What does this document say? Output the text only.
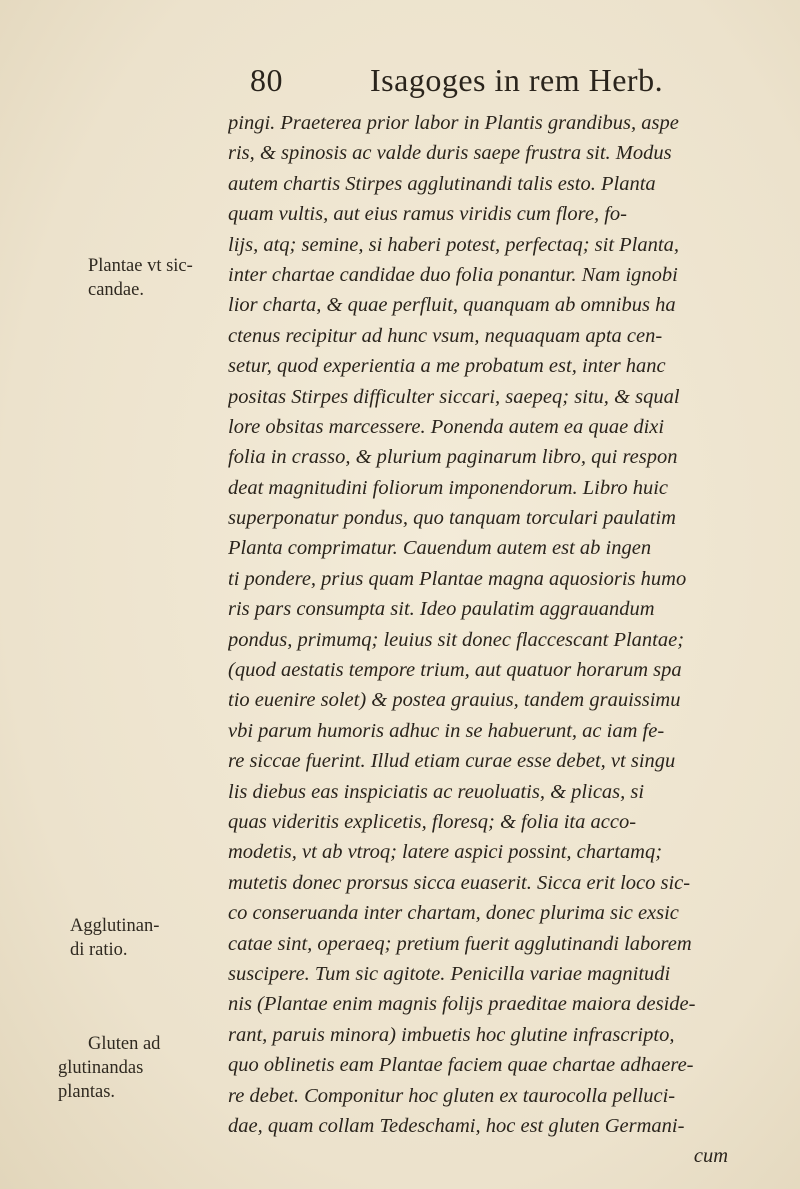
80	Isagoges in rem Herb.
pingi. Praeterea prior labor in Plantis grandibus, aspe
ris, & spinosis ac valde duris saepe frustra sit. Modus
autem chartis Stirpes agglutinandi talis esto. Planta
quam vultis, aut eius ramus viridis cum flore, fo-
lijs, atq; semine, si haberi potest, perfectaq; sit Planta,
inter chartae candidae duo folia ponantur. Nam ignobi
lior charta, & quae perfluit, quanquam ab omnibus ha
ctenus recipitur ad hunc vsum, nequaquam apta cen-
setur, quod experientia a me probatum est, inter hanc
positas Stirpes difficulter siccari, saepeq; situ, & squal
lore obsitas marcessere. Ponenda autem ea quae dixi
folia in crasso, & plurium paginarum libro, qui respon
deat magnitudini foliorum imponendorum. Libro huic
superponatur pondus, quo tanquam torculari paulatim
Planta comprimatur. Cauendum autem est ab ingen
ti pondere, prius quam Plantae magna aquosioris humo
ris pars consumpta sit. Ideo paulatim aggrauandum
pondus, primumq; leuius sit donec flaccescant Plantae;
(quod aestatis tempore trium, aut quatuor horarum spa
tio euenire solet) & postea grauius, tandem grauissimu
vbi parum humoris adhuc in se habuerunt, ac iam fe-
re siccae fuerint. Illud etiam curae esse debet, vt singu
lis diebus eas inspiciatis ac reuoluatis, & plicas, si
quas videritis explicetis, floresq; & folia ita acco-
modetis, vt ab vtroq; latere aspici possint, chartamq;
mutetis donec prorsus sicca euaserit. Sicca erit loco sic-
co conseruanda inter chartam, donec plurima sic exsic
catae sint, operaeq; pretium fuerit agglutinandi laborem
suscipere. Tum sic agitote. Penicilla variae magnitudi
nis (Plantae enim magnis folijs praeditae maiora deside-
rant, paruis minora) imbuetis hoc glutine infrascripto,
quo oblinetis eam Plantae faciem quae chartae adhaere-
re debet. Componitur hoc gluten ex taurocolla pelluci-
dae, quam collam Tedeschami, hoc est gluten Germani-
cum
Plantae vt sic-
candae.
Agglutinan-
di ratio.
Gluten ad
glutinandas
plantas.
